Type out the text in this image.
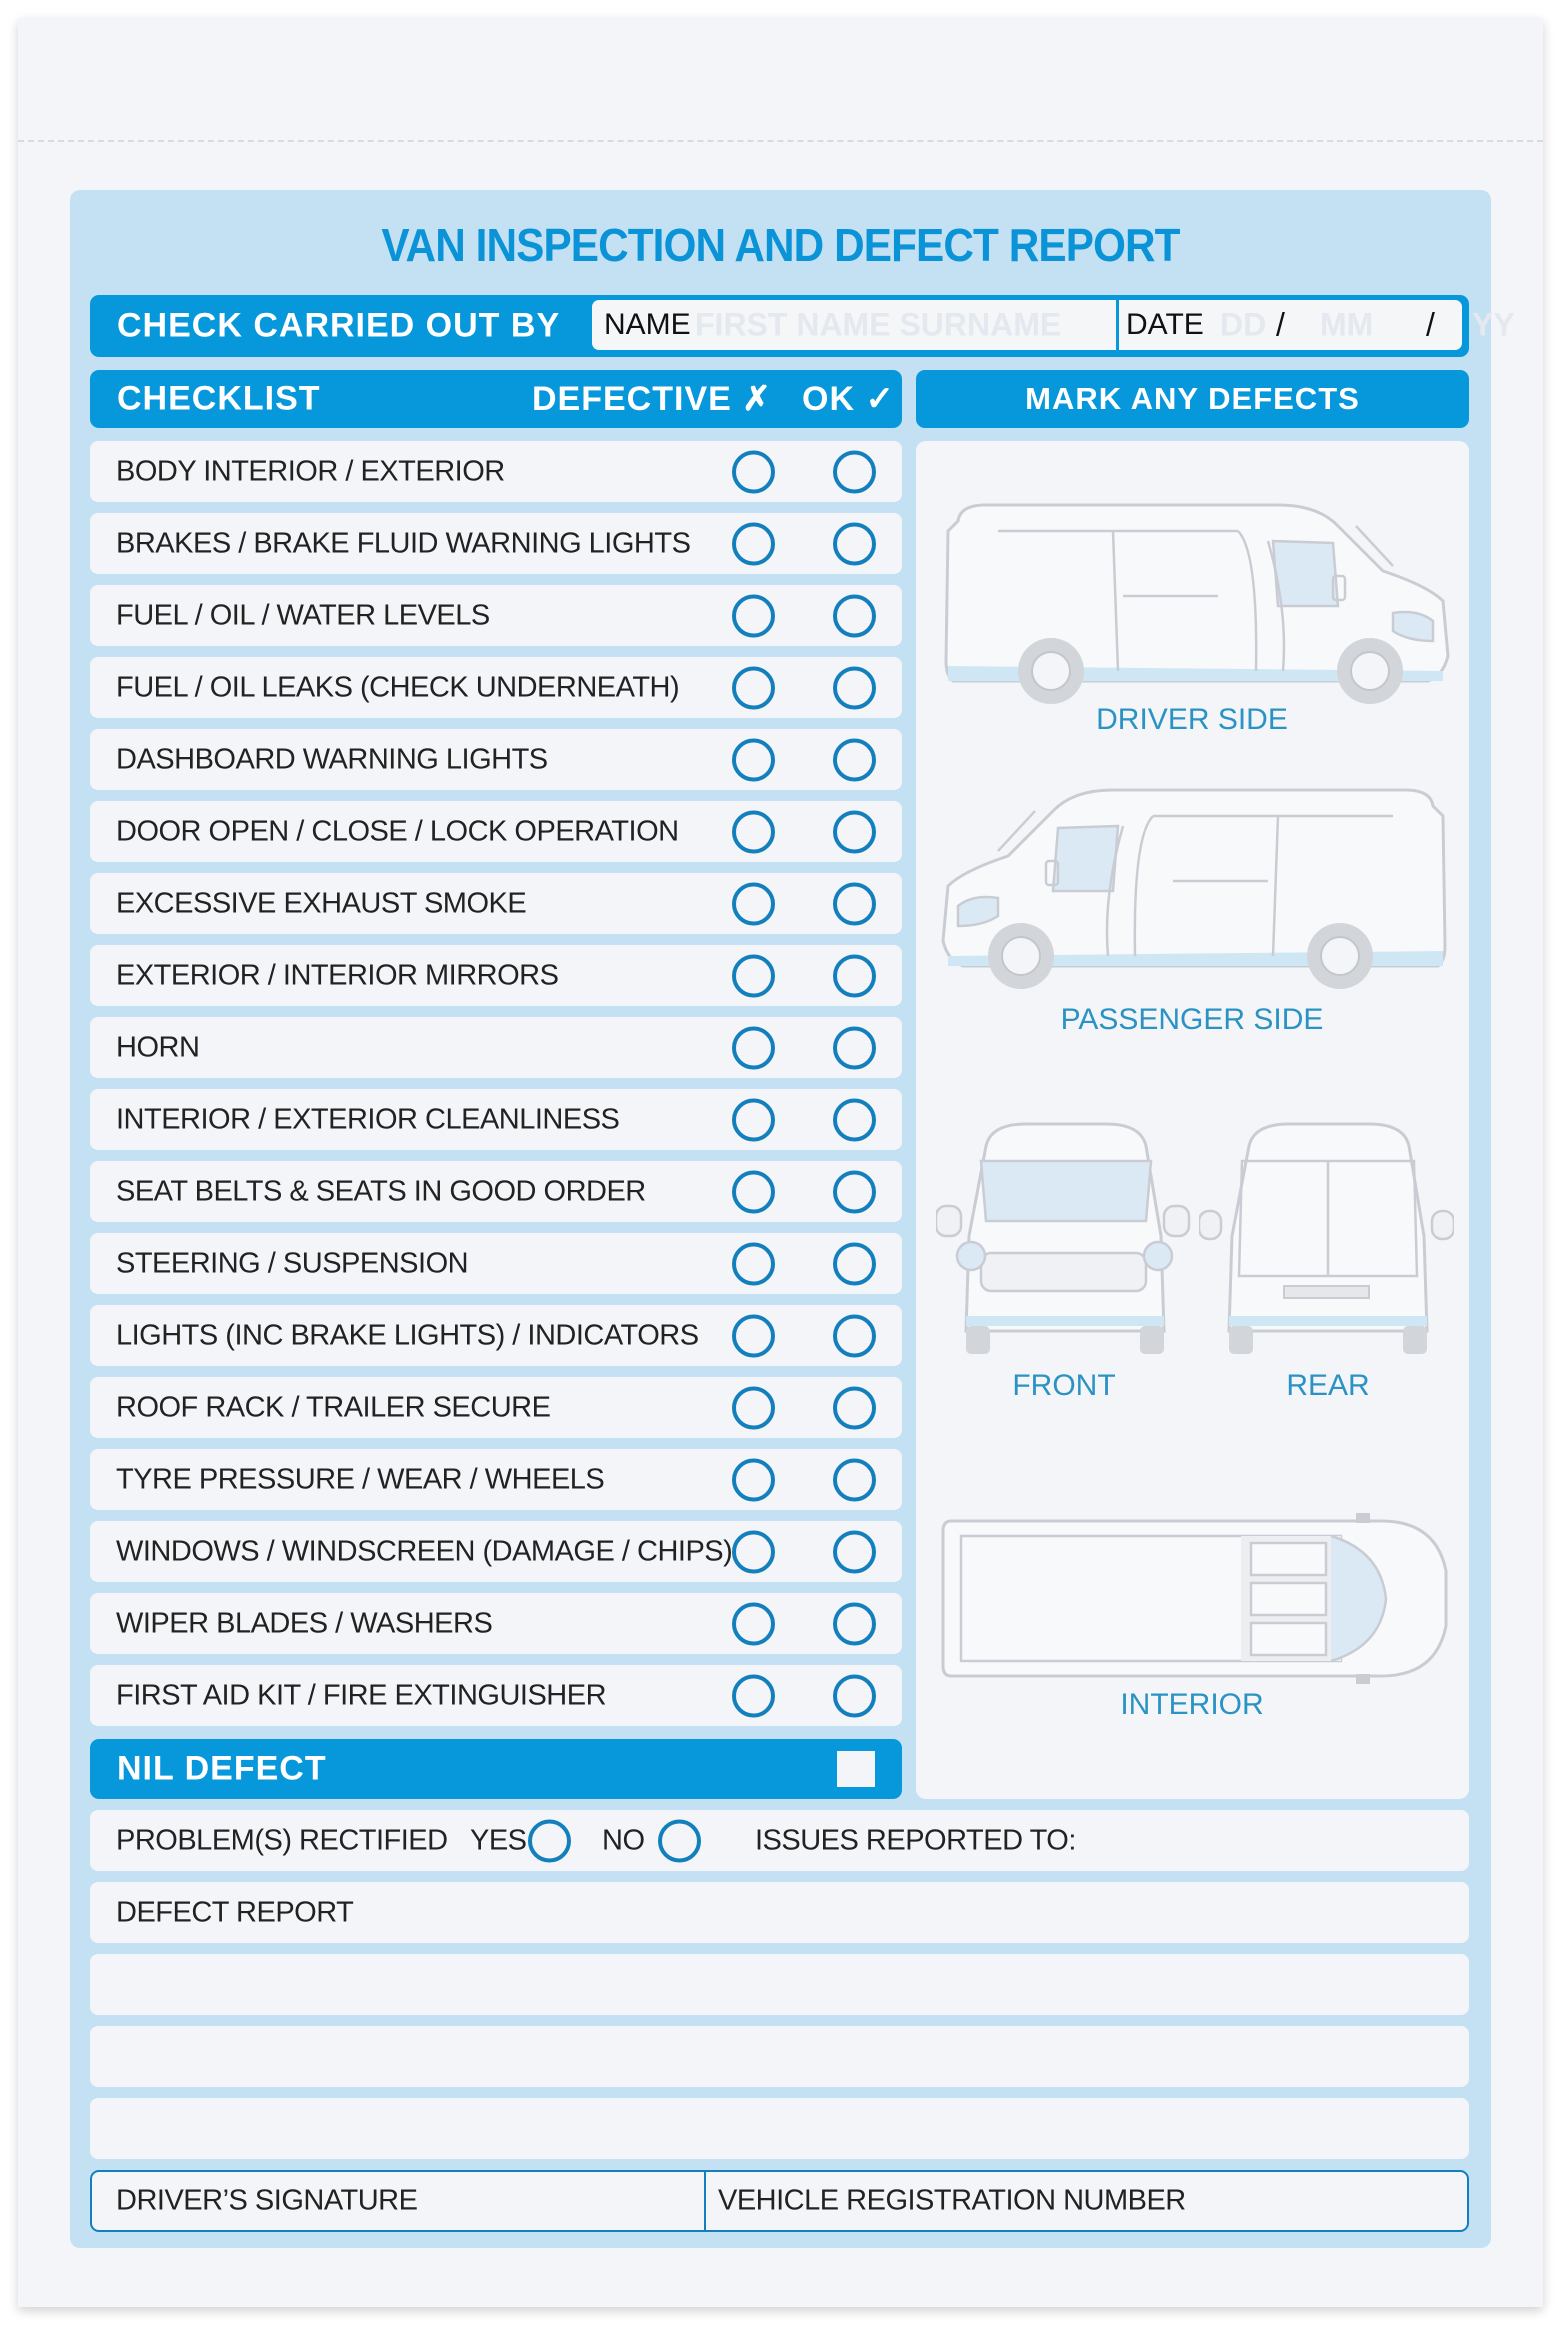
VAN INSPECTION AND DEFECT REPORT
CHECK CARRIED OUT BY NAME FIRST NAME SURNAME DATE DD / MM / YY
CHECKLIST	DEFECTIVE ✗ OK ✓	MARK ANY DEFECTS
BODY INTERIOR / EXTERIOR
BRAKES / BRAKE FLUID WARNING LIGHTS
FUEL / OIL / WATER LEVELS
FUEL / OIL LEAKS (CHECK UNDERNEATH)
DASHBOARD WARNING LIGHTS
DOOR OPEN / CLOSE / LOCK OPERATION
EXCESSIVE EXHAUST SMOKE
EXTERIOR / INTERIOR MIRRORS
HORN
INTERIOR / EXTERIOR CLEANLINESS
SEAT BELTS & SEATS IN GOOD ORDER
STEERING / SUSPENSION
LIGHTS (INC BRAKE LIGHTS) / INDICATORS
ROOF RACK / TRAILER SECURE
TYRE PRESSURE / WEAR / WHEELS
WINDOWS / WINDSCREEN (DAMAGE / CHIPS)
WIPER BLADES / WASHERS
FIRST AID KIT / FIRE EXTINGUISHER
NIL DEFECT
DRIVER SIDE
PASSENGER SIDE
FRONT	REAR
INTERIOR
PROBLEM(S) RECTIFIED YES	NO	ISSUES REPORTED TO:
DEFECT REPORT
DRIVER’S SIGNATURE	VEHICLE REGISTRATION NUMBER
